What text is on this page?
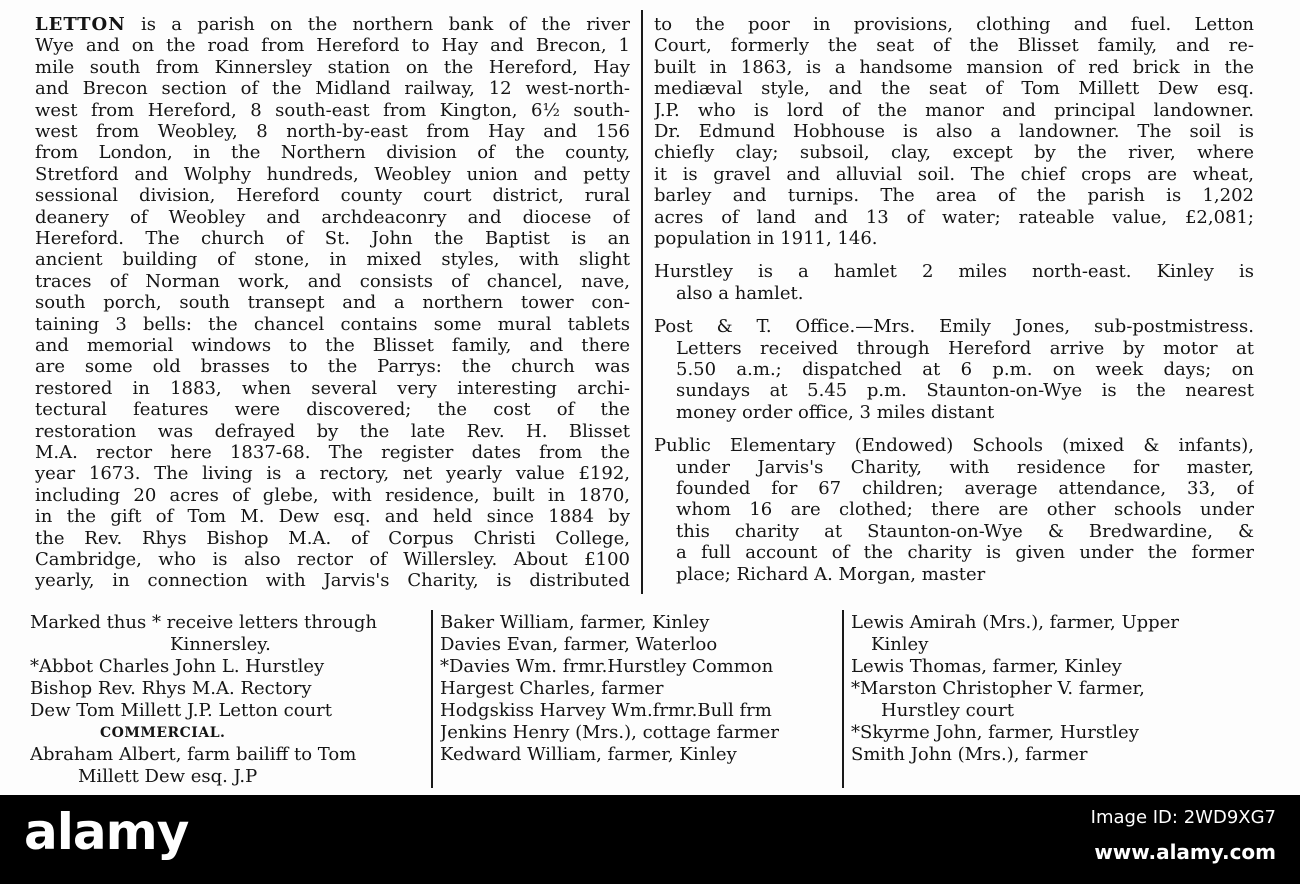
LETTON is a parish on the northern bank of the river
Wye and on the road from Hereford to Hay and Brecon, 1
mile south from Kinnersley station on the Hereford, Hay
and Brecon section of the Midland railway, 12 west-north-
west from Hereford, 8 south-east from Kington, 6½ south-
west from Weobley, 8 north-by-east from Hay and 156
from London, in the Northern division of the county,
Stretford and Wolphy hundreds, Weobley union and petty
sessional division, Hereford county court district, rural
deanery of Weobley and archdeaconry and diocese of
Hereford. The church of St. John the Baptist is an
ancient building of stone, in mixed styles, with slight
traces of Norman work, and consists of chancel, nave,
south porch, south transept and a northern tower con-
taining 3 bells: the chancel contains some mural tablets
and memorial windows to the Blisset family, and there
are some old brasses to the Parrys: the church was
restored in 1883, when several very interesting archi-
tectural features were discovered; the cost of the
restoration was defrayed by the late Rev. H. Blisset
M.A. rector here 1837-68. The register dates from the
year 1673. The living is a rectory, net yearly value £192,
including 20 acres of glebe, with residence, built in 1870,
in the gift of Tom M. Dew esq. and held since 1884 by
the Rev. Rhys Bishop M.A. of Corpus Christi College,
Cambridge, who is also rector of Willersley. About £100
yearly, in connection with Jarvis's Charity, is distributed
to the poor in provisions, clothing and fuel. Letton
Court, formerly the seat of the Blisset family, and re-
built in 1863, is a handsome mansion of red brick in the
mediæval style, and the seat of Tom Millett Dew esq.
J.P. who is lord of the manor and principal landowner.
Dr. Edmund Hobhouse is also a landowner. The soil is
chiefly clay; subsoil, clay, except by the river, where
it is gravel and alluvial soil. The chief crops are wheat,
barley and turnips. The area of the parish is 1,202
acres of land and 13 of water; rateable value, £2,081;
population in 1911, 146.
Hurstley is a hamlet 2 miles north-east. Kinley is
also a hamlet.
Post & T. Office.—Mrs. Emily Jones, sub-postmistress.
Letters received through Hereford arrive by motor at
5.50 a.m.; dispatched at 6 p.m. on week days; on
sundays at 5.45 p.m. Staunton-on-Wye is the nearest
money order office, 3 miles distant
Public Elementary (Endowed) Schools (mixed & infants),
under Jarvis's Charity, with residence for master,
founded for 67 children; average attendance, 33, of
whom 16 are clothed; there are other schools under
this charity at Staunton-on-Wye & Bredwardine, &
a full account of the charity is given under the former
place; Richard A. Morgan, master
Marked thus * receive letters through
Kinnersley.
*Abbot Charles John L. Hurstley
Bishop Rev. Rhys M.A. Rectory
Dew Tom Millett J.P. Letton court
COMMERCIAL.
Abraham Albert, farm bailiff to Tom
Millett Dew esq. J.P
Baker William, farmer, Kinley
Davies Evan, farmer, Waterloo
*Davies Wm. frmr.Hurstley Common
Hargest Charles, farmer
Hodgskiss Harvey Wm.frmr.Bull frm
Jenkins Henry (Mrs.), cottage farmer
Kedward William, farmer, Kinley
Lewis Amirah (Mrs.), farmer, Upper
Kinley
Lewis Thomas, farmer, Kinley
*Marston Christopher V. farmer,
Hurstley court
*Skyrme John, farmer, Hurstley
Smith John (Mrs.), farmer
alamy	Image ID: 2WD9XG7
www.alamy.com
